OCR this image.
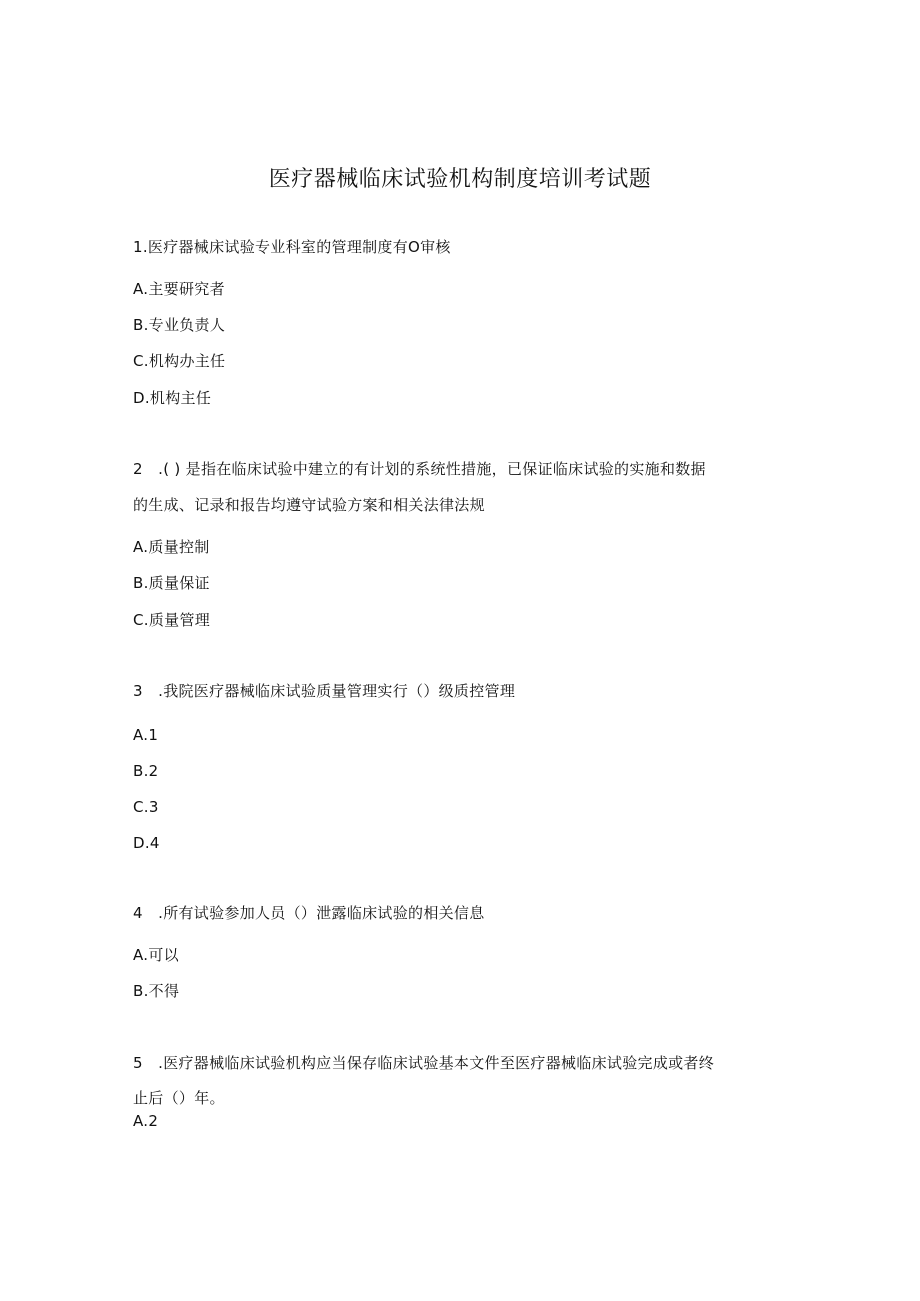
医疗器械临床试验机构制度培训考试题
1.医疗器械床试验专业科室的管理制度有O审核
A.主要研究者
B.专业负责人
C.机构办主任
D.机构主任
2　.( ) 是指在临床试验中建立的有计划的系统性措施，已保证临床试验的实施和数据
的生成、记录和报告均遵守试验方案和相关法律法规
A.质量控制
B.质量保证
C.质量管理
3　.我院医疗器械临床试验质量管理实行（）级质控管理
A.1
B.2
C.3
D.4
4　.所有试验参加人员（）泄露临床试验的相关信息
A.可以
B.不得
5　.医疗器械临床试验机构应当保存临床试验基本文件至医疗器械临床试验完成或者终
止后（）年。
A.2
